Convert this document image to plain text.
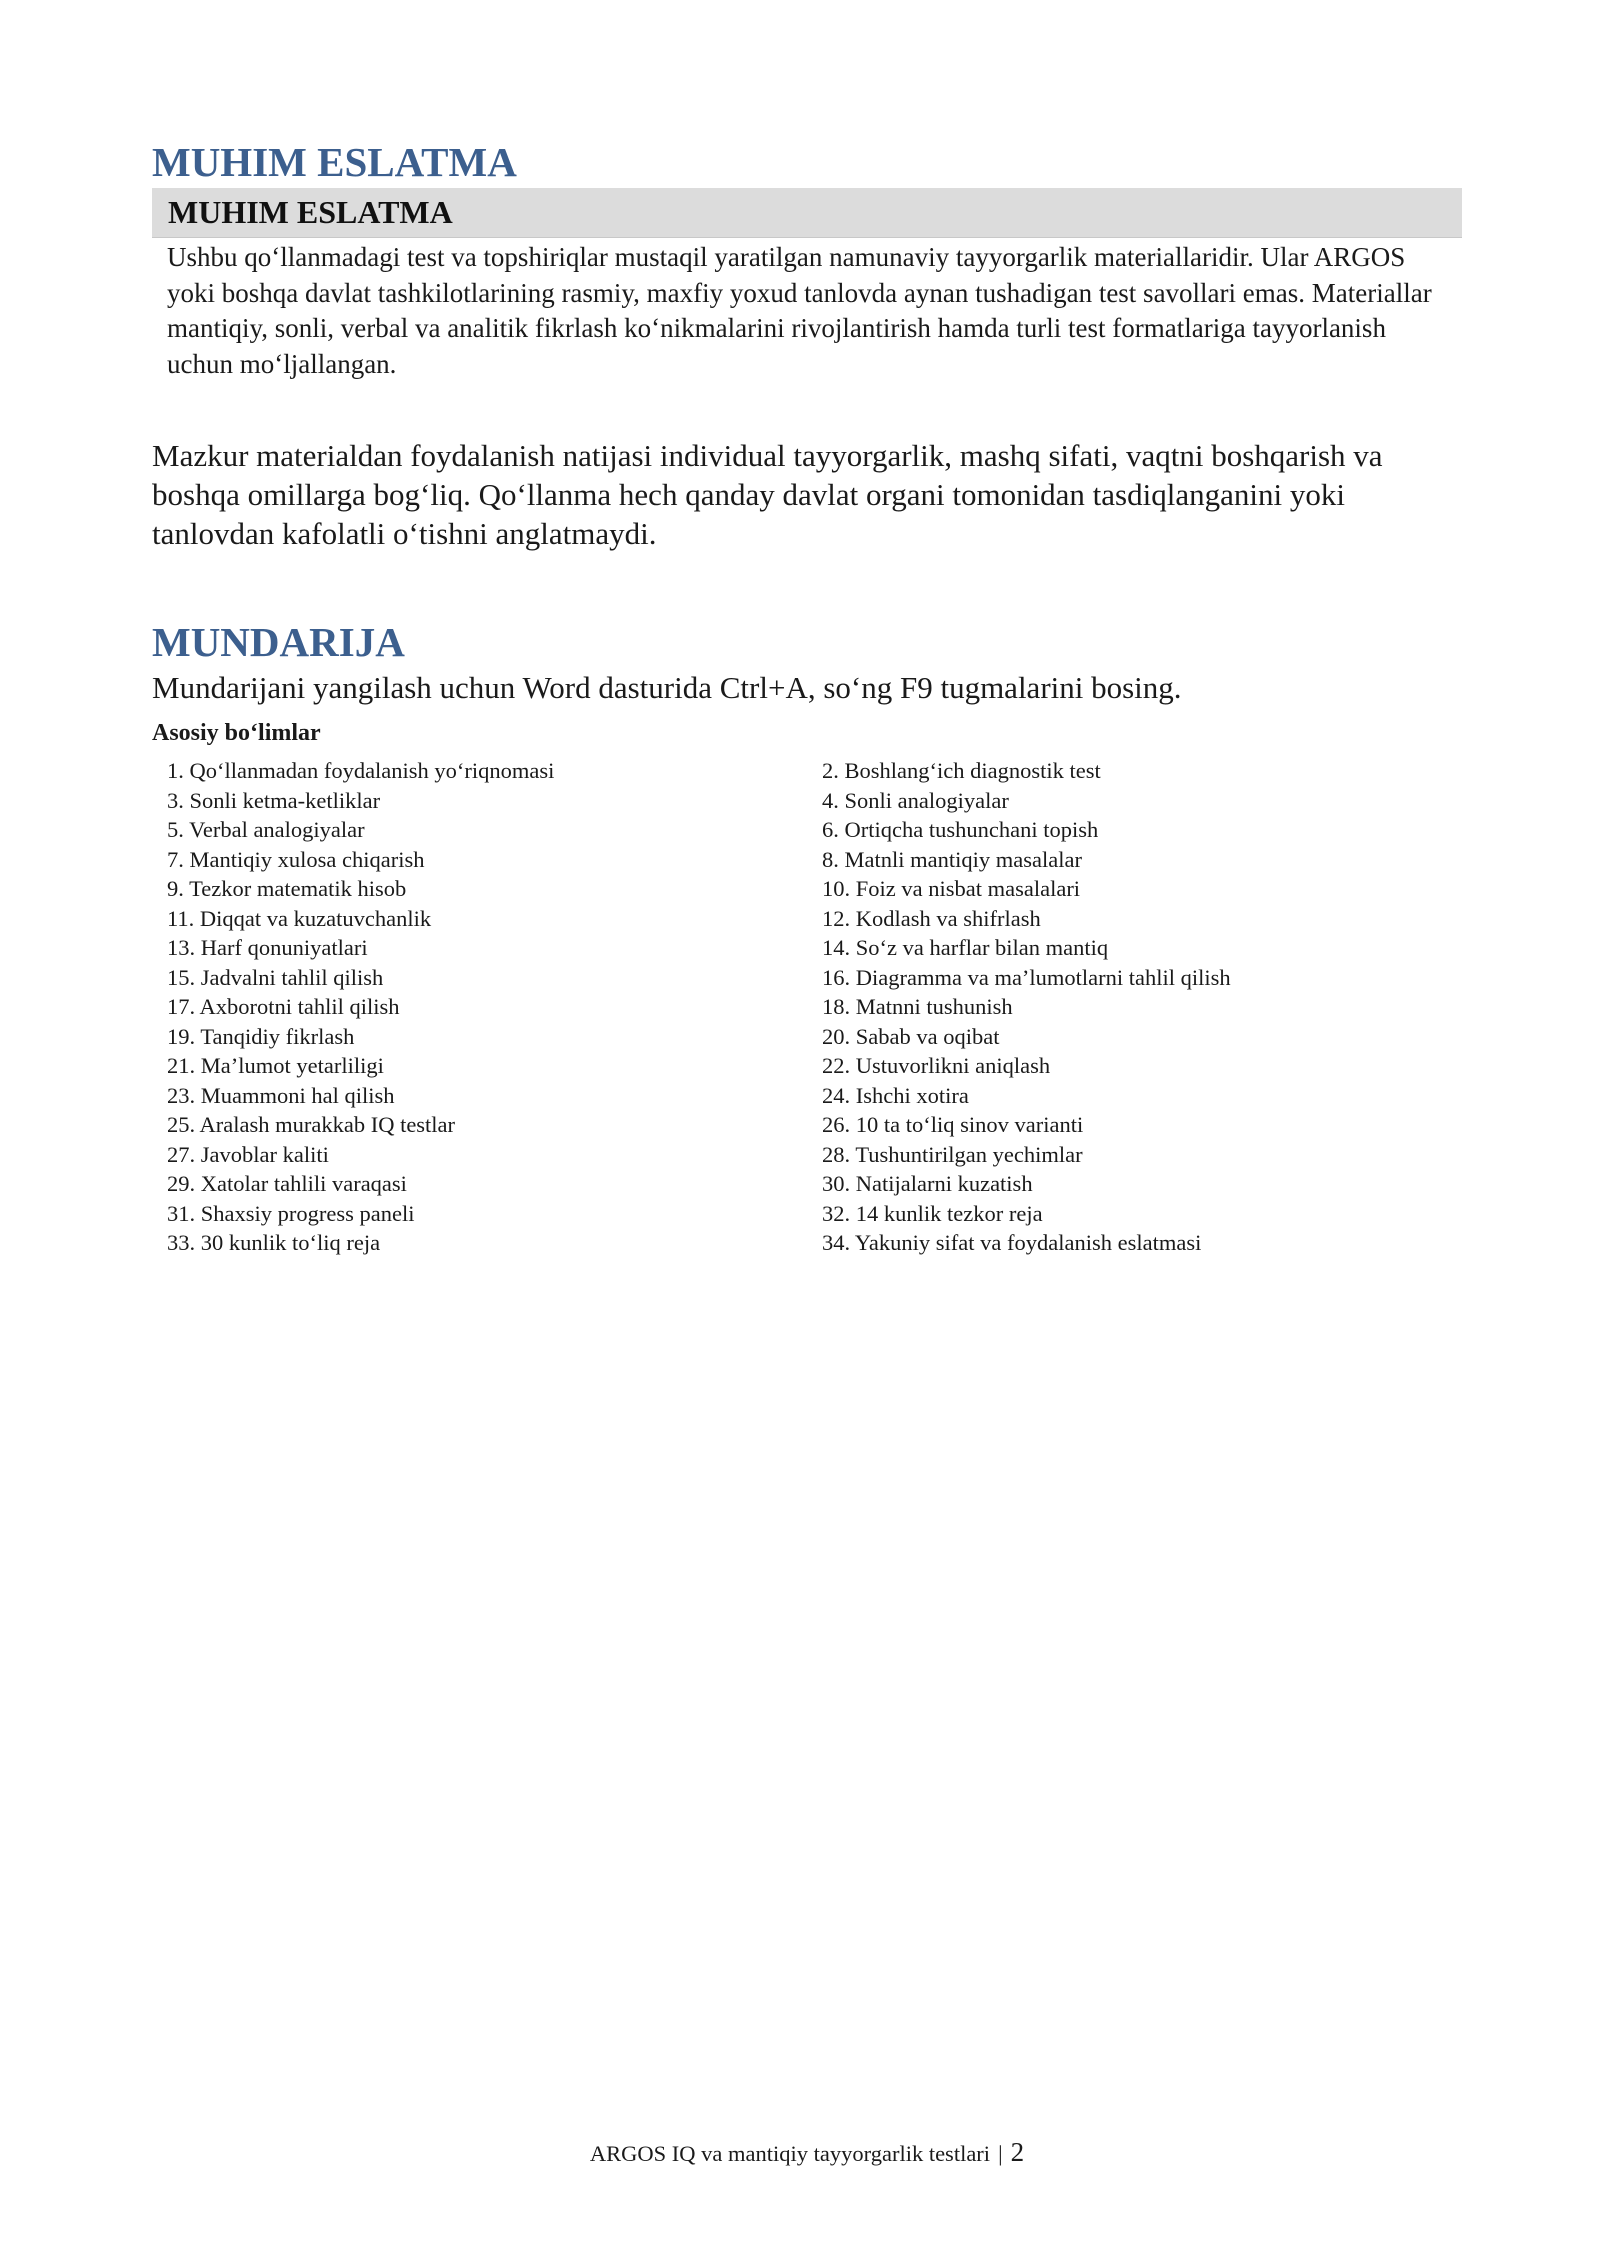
MUHIM ESLATMA
MUHIM ESLATMA
Ushbu qo‘llanmadagi test va topshiriqlar mustaqil yaratilgan namunaviy tayyorgarlik materiallaridir. Ular ARGOS yoki boshqa davlat tashkilotlarining rasmiy, maxfiy yoxud tanlovda aynan tushadigan test savollari emas. Materiallar mantiqiy, sonli, verbal va analitik fikrlash ko‘nikmalarini rivojlantirish hamda turli test formatlariga tayyorlanish uchun mo‘ljallangan.
Mazkur materialdan foydalanish natijasi individual tayyorgarlik, mashq sifati, vaqtni boshqarish va boshqa omillarga bog‘liq. Qo‘llanma hech qanday davlat organi tomonidan tasdiqlanganini yoki tanlovdan kafolatli o‘tishni anglatmaydi.
MUNDARIJA
Mundarijani yangilash uchun Word dasturida Ctrl+A, so‘ng F9 tugmalarini bosing.
Asosiy bo‘limlar
1. Qo‘llanmadan foydalanish yo‘riqnomasi	2. Boshlang‘ich diagnostik test
3. Sonli ketma-ketliklar	4. Sonli analogiyalar
5. Verbal analogiyalar	6. Ortiqcha tushunchani topish
7. Mantiqiy xulosa chiqarish	8. Matnli mantiqiy masalalar
9. Tezkor matematik hisob	10. Foiz va nisbat masalalari
11. Diqqat va kuzatuvchanlik	12. Kodlash va shifrlash
13. Harf qonuniyatlari	14. So‘z va harflar bilan mantiq
15. Jadvalni tahlil qilish	16. Diagramma va ma’lumotlarni tahlil qilish
17. Axborotni tahlil qilish	18. Matnni tushunish
19. Tanqidiy fikrlash	20. Sabab va oqibat
21. Ma’lumot yetarliligi	22. Ustuvorlikni aniqlash
23. Muammoni hal qilish	24. Ishchi xotira
25. Aralash murakkab IQ testlar	26. 10 ta to‘liq sinov varianti
27. Javoblar kaliti	28. Tushuntirilgan yechimlar
29. Xatolar tahlili varaqasi	30. Natijalarni kuzatish
31. Shaxsiy progress paneli	32. 14 kunlik tezkor reja
33. 30 kunlik to‘liq reja	34. Yakuniy sifat va foydalanish eslatmasi
ARGOS IQ va mantiqiy tayyorgarlik testlari | 2
